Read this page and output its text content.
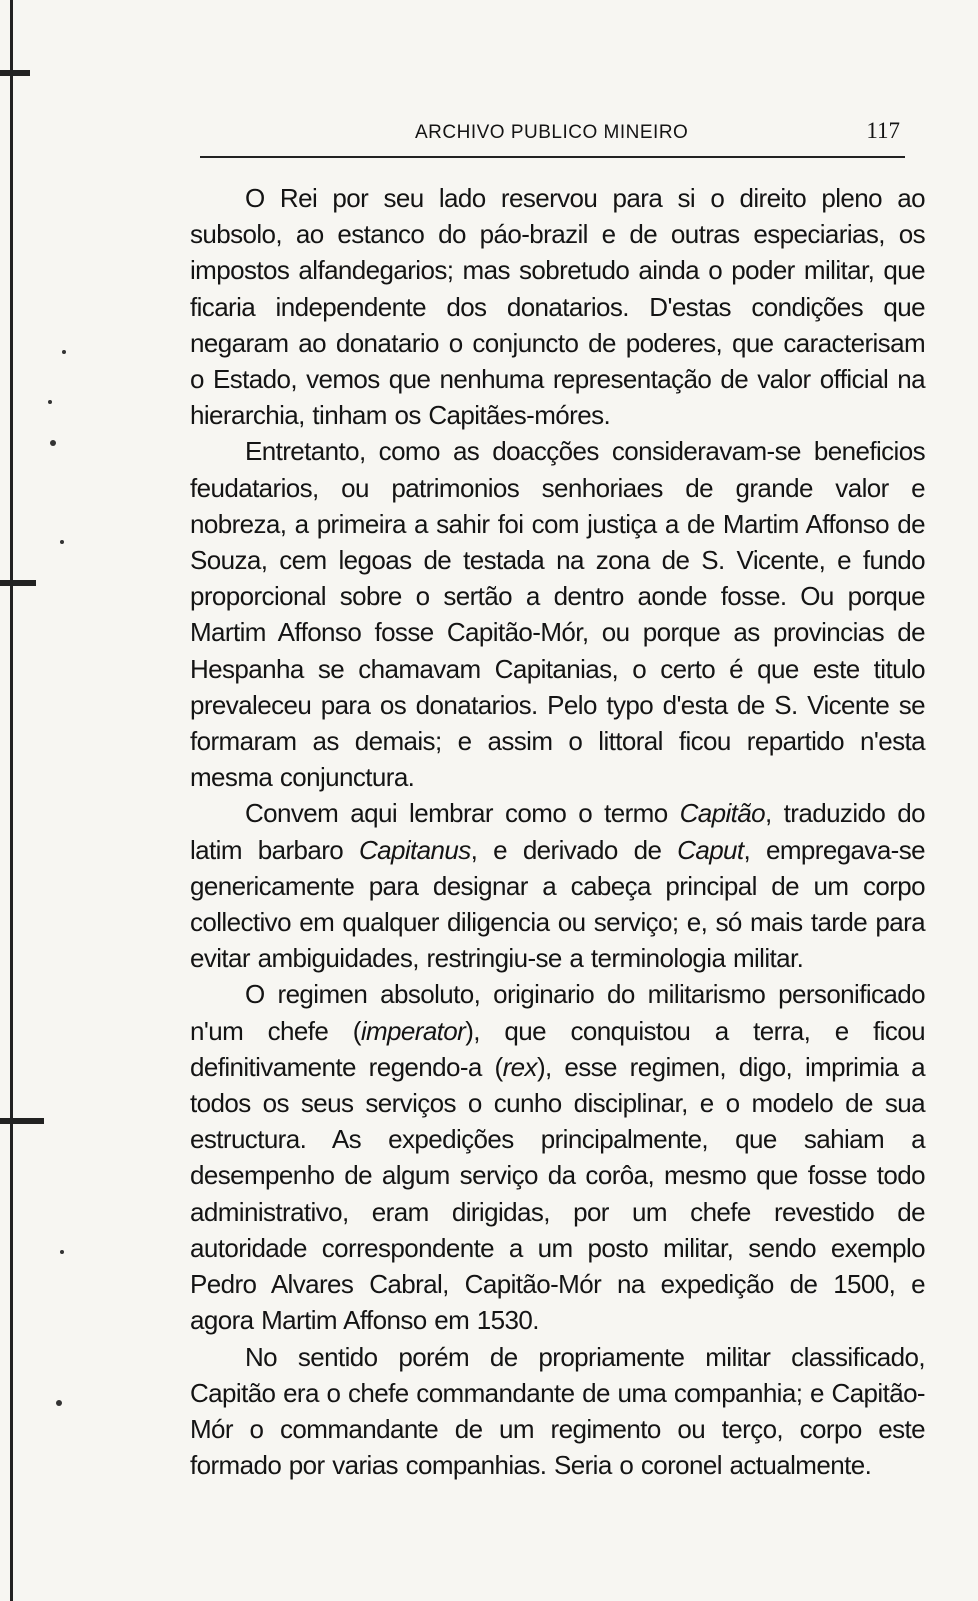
ARCHIVO PUBLICO MINEIRO	117

O Rei por seu lado reservou para si o direito pleno ao subsolo, ao estanco do páo-brazil e de outras especiarias, os impostos alfandegarios; mas sobretudo ainda o poder militar, que ficaria independente dos donatarios. D'estas condições que negaram ao donatario o conjuncto de poderes, que caracterisam o Estado, vemos que nenhuma representação de valor official na hierarchia, tinham os Capitães-móres.

Entretanto, como as doacções consideravam-se beneficios feudatarios, ou patrimonios senhoriaes de grande valor e nobreza, a primeira a sahir foi com justiça a de Martim Affonso de Souza, cem legoas de testada na zona de S. Vicente, e fundo proporcional sobre o sertão a dentro aonde fosse. Ou porque Martim Affonso fosse Capitão-Mór, ou porque as provincias de Hespanha se chamavam Capitanias, o certo é que este titulo prevaleceu para os donatarios. Pelo typo d'esta de S. Vicente se formaram as demais; e assim o littoral ficou repartido n'esta mesma conjunctura.

Convem aqui lembrar como o termo Capitão, traduzido do latim barbaro Capitanus, e derivado de Caput, empregava-se genericamente para designar a cabeça principal de um corpo collectivo em qualquer diligencia ou serviço; e, só mais tarde para evitar ambiguidades, restringiu-se a terminologia militar.

O regimen absoluto, originario do militarismo personificado n'um chefe (imperator), que conquistou a terra, e ficou definitivamente regendo-a (rex), esse regimen, digo, imprimia a todos os seus serviços o cunho disciplinar, e o modelo de sua estructura. As expedições principalmente, que sahiam a desempenho de algum serviço da corôa, mesmo que fosse todo administrativo, eram dirigidas, por um chefe revestido de autoridade correspondente a um posto militar, sendo exemplo Pedro Alvares Cabral, Capitão-Mór na expedição de 1500, e agora Martim Affonso em 1530.

No sentido porém de propriamente militar classificado, Capitão era o chefe commandante de uma companhia; e Capitão-Mór o commandante de um regimento ou terço, corpo este formado por varias companhias. Seria o coronel actualmente.
